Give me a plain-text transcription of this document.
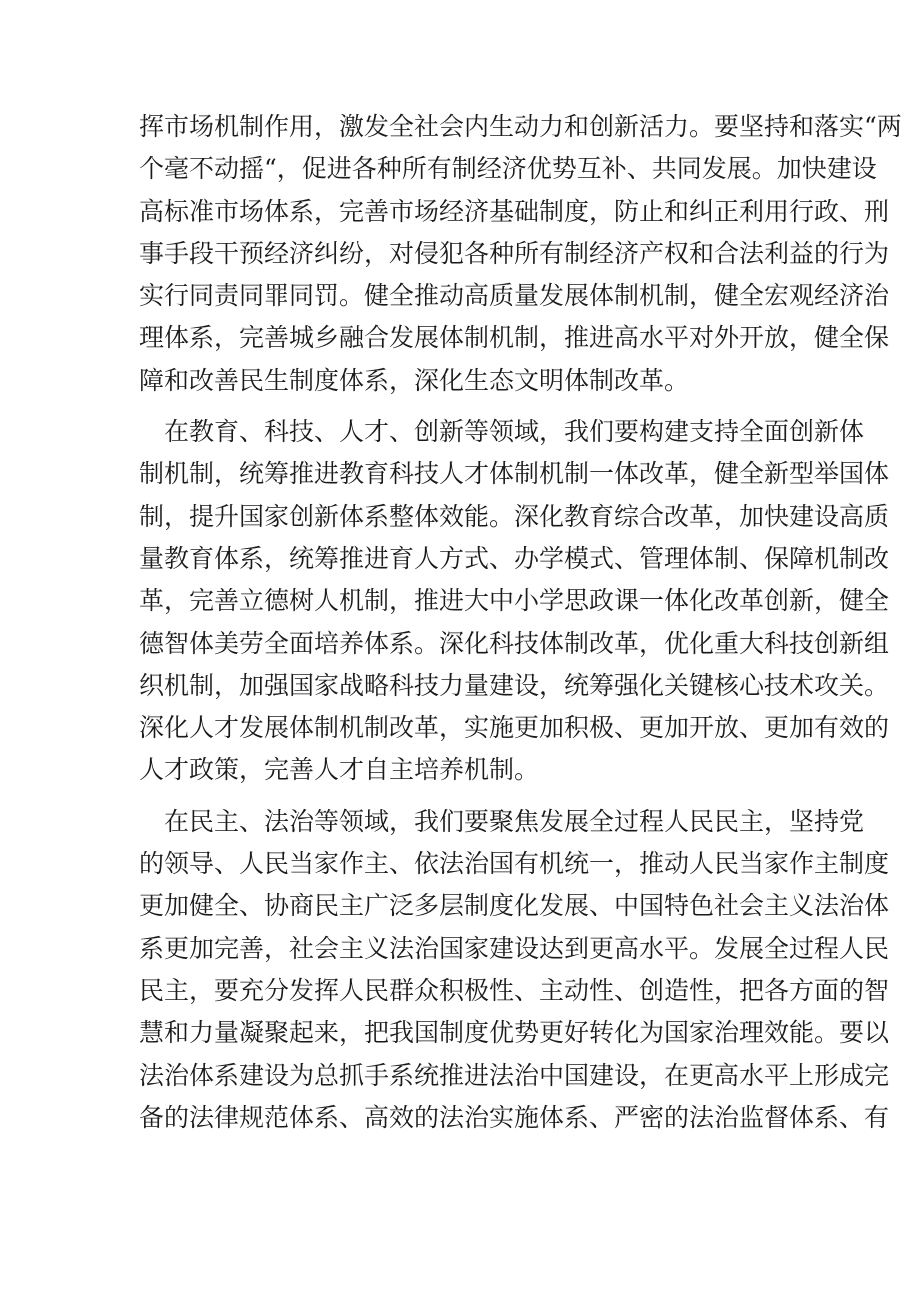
挥市场机制作用，激发全社会内生动力和创新活力。要坚持和落实“两
个毫不动摇“，促进各种所有制经济优势互补、共同发展。加快建设
高标准市场体系，完善市场经济基础制度，防止和纠正利用行政、刑
事手段干预经济纠纷，对侵犯各种所有制经济产权和合法利益的行为
实行同责同罪同罚。健全推动高质量发展体制机制，健全宏观经济治
理体系，完善城乡融合发展体制机制，推进高水平对外开放，健全保
障和改善民生制度体系，深化生态文明体制改革。
　在教育、科技、人才、创新等领域，我们要构建支持全面创新体
制机制，统筹推进教育科技人才体制机制一体改革，健全新型举国体
制，提升国家创新体系整体效能。深化教育综合改革，加快建设高质
量教育体系，统筹推进育人方式、办学模式、管理体制、保障机制改
革，完善立德树人机制，推进大中小学思政课一体化改革创新，健全
德智体美劳全面培养体系。深化科技体制改革，优化重大科技创新组
织机制，加强国家战略科技力量建设，统筹强化关键核心技术攻关。
深化人才发展体制机制改革，实施更加积极、更加开放、更加有效的
人才政策，完善人才自主培养机制。
　在民主、法治等领域，我们要聚焦发展全过程人民民主，坚持党
的领导、人民当家作主、依法治国有机统一，推动人民当家作主制度
更加健全、协商民主广泛多层制度化发展、中国特色社会主义法治体
系更加完善，社会主义法治国家建设达到更高水平。发展全过程人民
民主，要充分发挥人民群众积极性、主动性、创造性，把各方面的智
慧和力量凝聚起来，把我国制度优势更好转化为国家治理效能。要以
法治体系建设为总抓手系统推进法治中国建设，在更高水平上形成完
备的法律规范体系、高效的法治实施体系、严密的法治监督体系、有
